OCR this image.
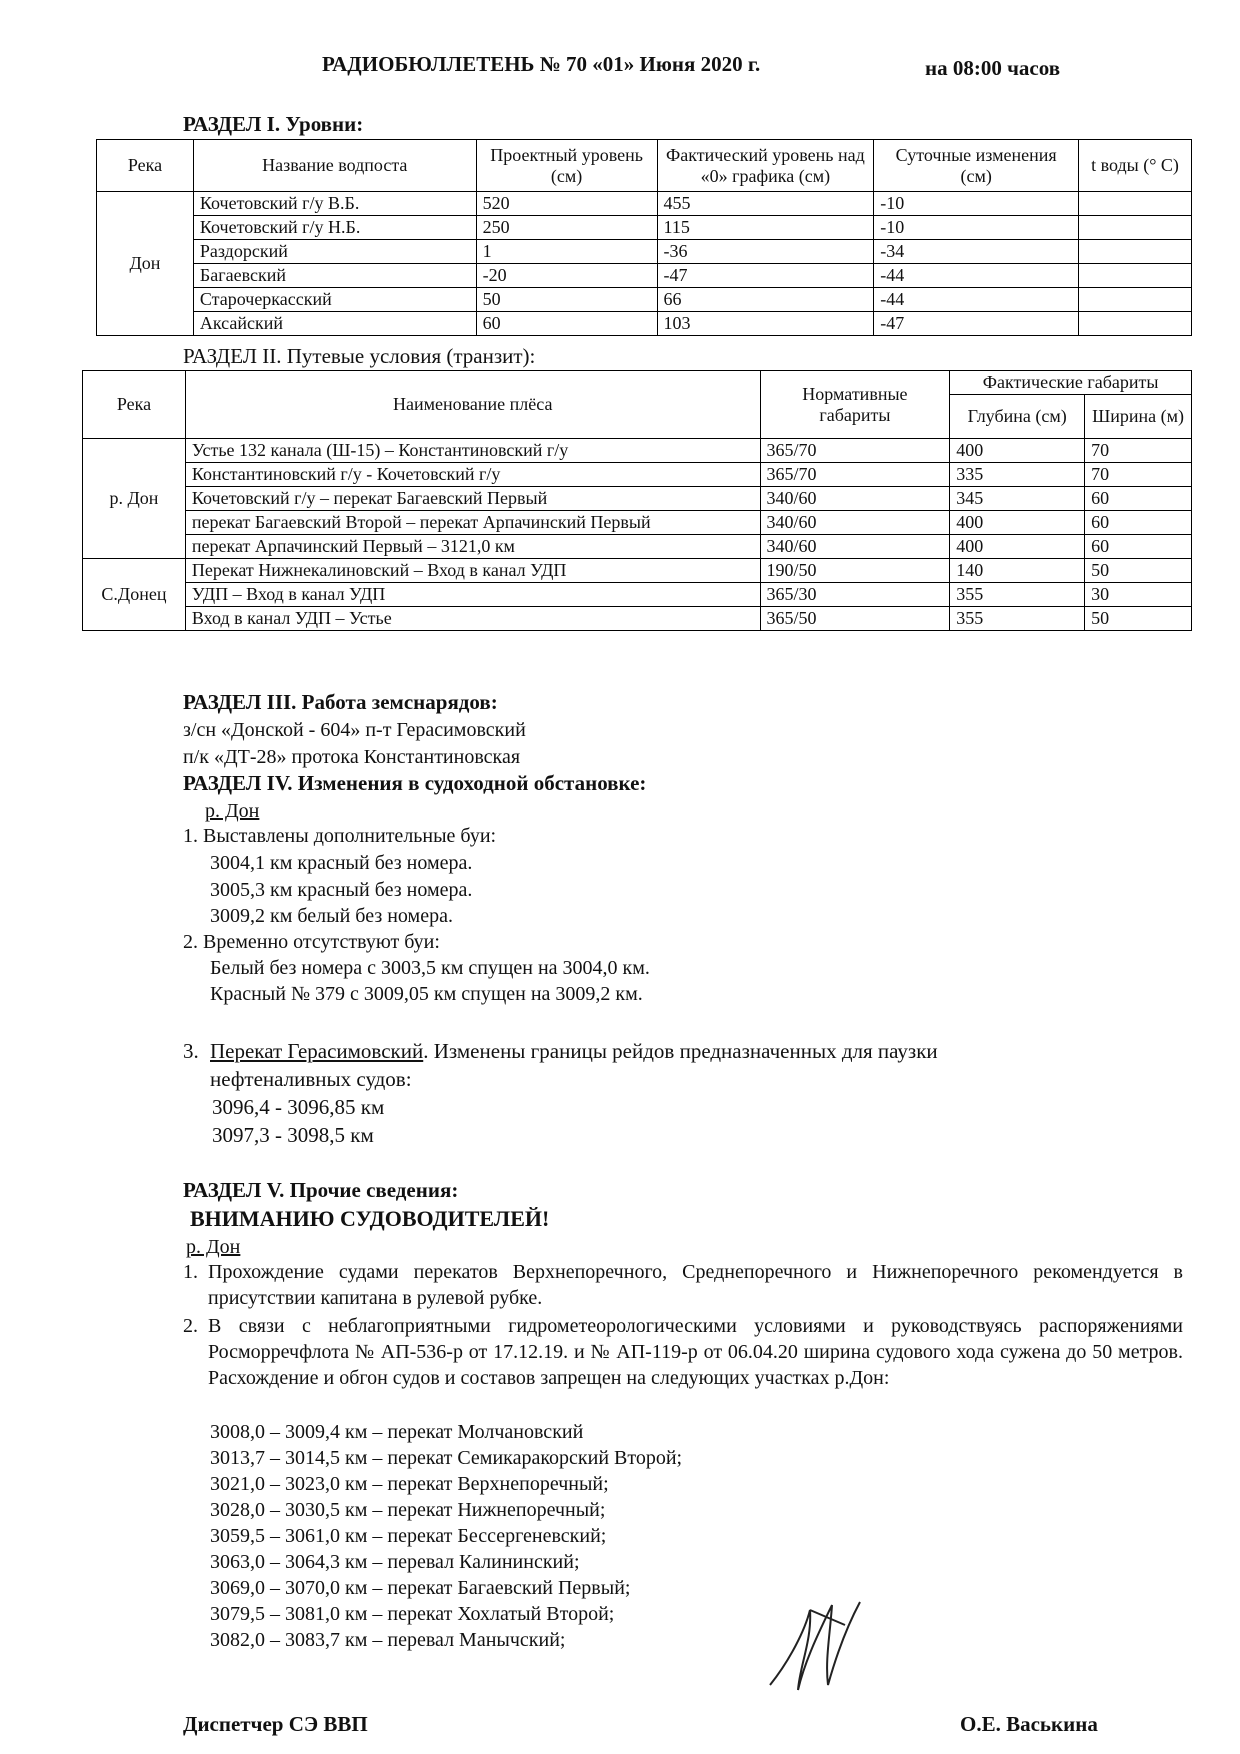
РАДИОБЮЛЛЕТЕНЬ № 70 «01» Июня 2020 г.	на 08:00 часов
РАЗДЕЛ I. Уровни:
Река	Название водпоста	Проектный уровень (см)	Фактический уровень над «0» графика (см)	Суточные изменения (см)	t воды (° С)
Дон	Кочетовский г/у В.Б.	520	455	-10	
	Кочетовский г/у Н.Б.	250	115	-10	
	Раздорский	1	-36	-34	
	Багаевский	-20	-47	-44	
	Старочеркасский	50	66	-44	
	Аксайский	60	103	-47	
РАЗДЕЛ II. Путевые условия (транзит):
Река	Наименование плёса	Нормативные габариты	Фактические габариты	
			Глубина (см)	Ширина (м)
р. Дон	Устье 132 канала (Ш-15) – Константиновский г/у	365/70	400	70
	Константиновский г/у - Кочетовский г/у	365/70	335	70
	Кочетовский г/у – перекат Багаевский Первый	340/60	345	60
	перекат Багаевский Второй – перекат Арпачинский Первый	340/60	400	60
	перекат Арпачинский Первый – 3121,0 км	340/60	400	60
С.Донец	Перекат Нижнекалиновский – Вход в канал УДП	190/50	140	50
	УДП – Вход в канал УДП	365/30	355	30
	Вход в канал УДП – Устье	365/50	355	50
РАЗДЕЛ III. Работа земснарядов:
з/сн «Донской - 604» п-т Герасимовский
п/к «ДТ-28» протока Константиновская
РАЗДЕЛ IV. Изменения в судоходной обстановке:
р. Дон
1. Выставлены дополнительные буи:
3004,1 км красный без номера.
3005,3 км красный без номера.
3009,2 км белый без номера.
2. Временно отсутствуют буи:
Белый без номера с 3003,5 км спущен на 3004,0 км.
Красный № 379 с 3009,05 км спущен на 3009,2 км.
3. Перекат Герасимовский. Изменены границы рейдов предназначенных для паузки
нефтеналивных судов:
3096,4 - 3096,85 км
3097,3 - 3098,5 км
РАЗДЕЛ V. Прочие сведения:
ВНИМАНИЮ СУДОВОДИТЕЛЕЙ!
р. Дон
1. Прохождение судами перекатов Верхнепоречного, Среднепоречного и Нижнепоречного рекомендуется в присутствии капитана в рулевой рубке.
2. В связи с неблагоприятными гидрометеорологическими условиями и руководствуясь распоряжениями Росморречфлота № АП-536-р от 17.12.19. и № АП-119-р от 06.04.20 ширина судового хода сужена до 50 метров. Расхождение и обгон судов и составов запрещен на следующих участках р.Дон:
3008,0 – 3009,4 км – перекат Молчановский
3013,7 – 3014,5 км – перекат Семикаракорский Второй;
3021,0 – 3023,0 км – перекат Верхнепоречный;
3028,0 – 3030,5 км – перекат Нижнепоречный;
3059,5 – 3061,0 км – перекат Бессергеневский;
3063,0 – 3064,3 км – перевал Калининский;
3069,0 – 3070,0 км – перекат Багаевский Первый;
3079,5 – 3081,0 км – перекат Хохлатый Второй;
3082,0 – 3083,7 км – перевал Манычский;
Диспетчер СЭ ВВП	О.Е. Васькина
